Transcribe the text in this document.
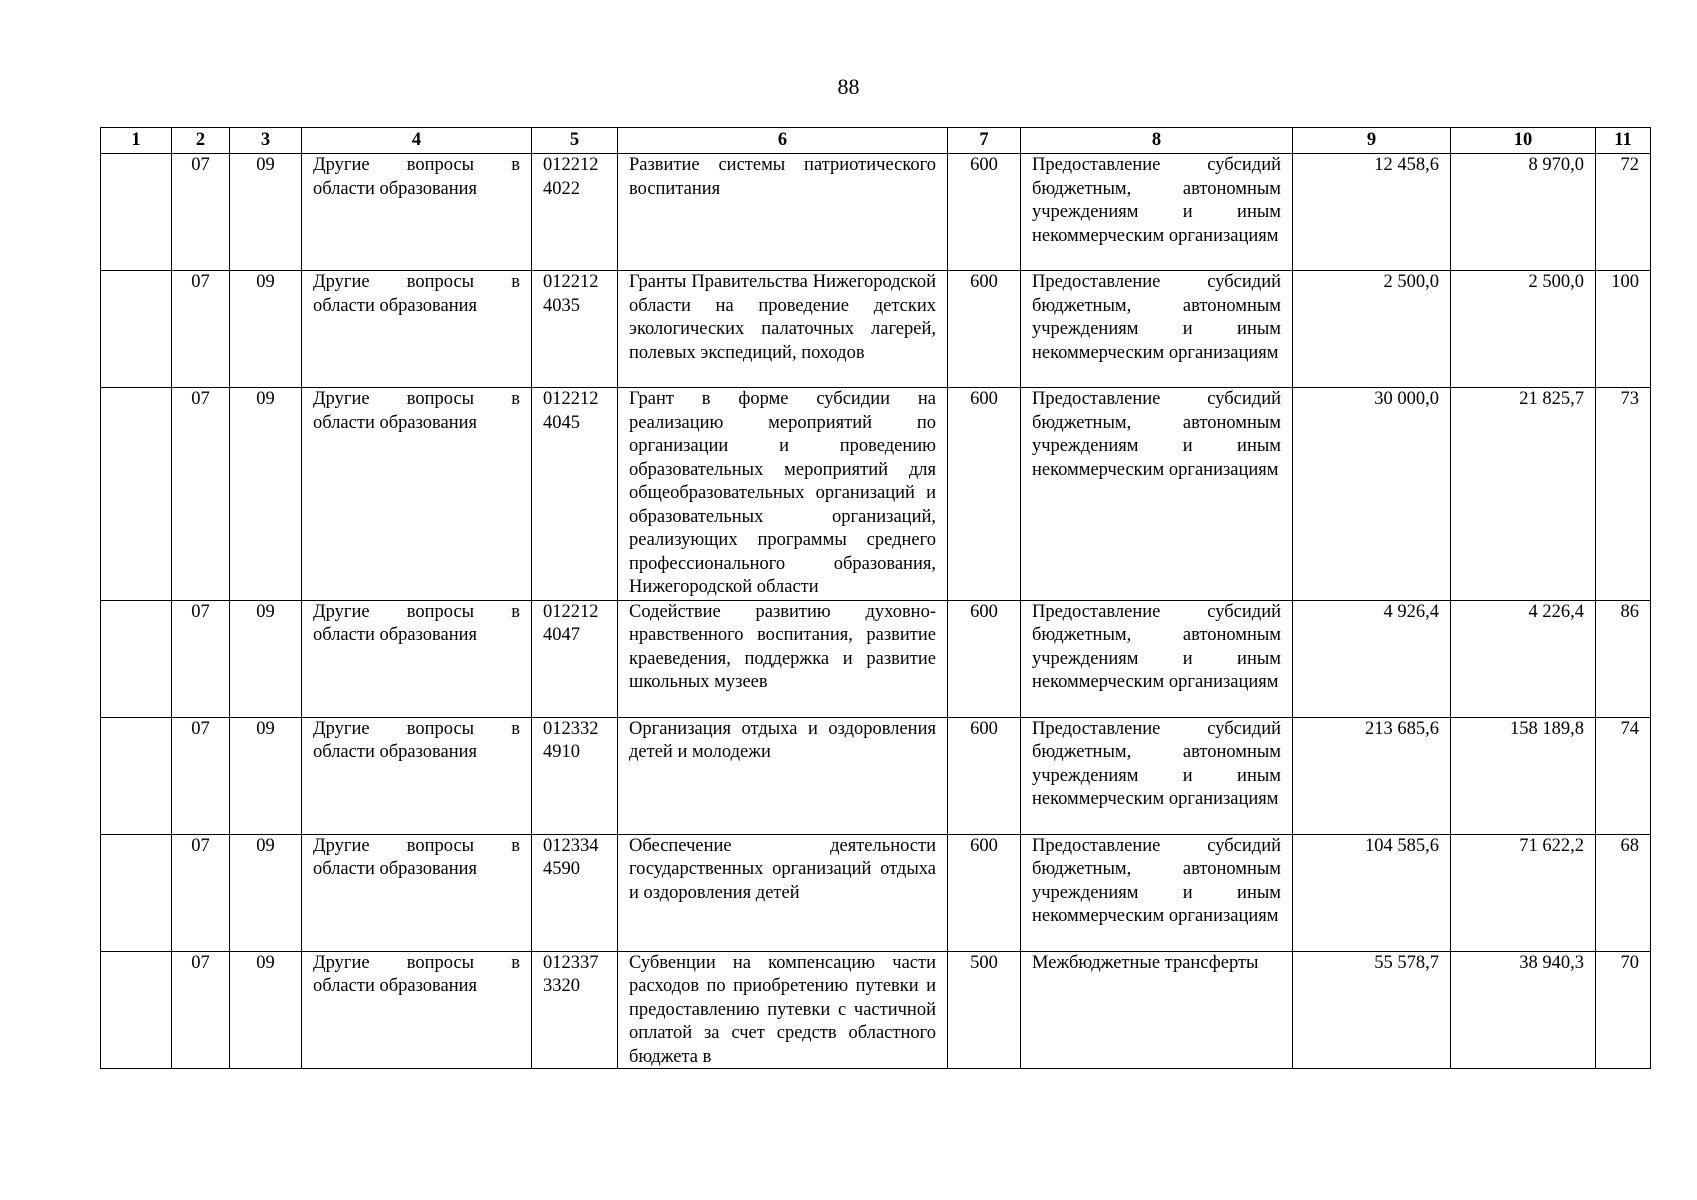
88
1	2	3	4	5	6	7	8	9	10	11
	07	09	Другие вопросы в области образования	0122124022	Развитие системы патриотического воспитания	600	Предоставление субсидий бюджетным, автономным учреждениям и иным некоммерческим организациям	12 458,6	8 970,0	72
	07	09	Другие вопросы в области образования	0122124035	Гранты Правительства Нижегородской области на проведение детских экологических палаточных лагерей, полевых экспедиций, походов	600	Предоставление субсидий бюджетным, автономным учреждениям и иным некоммерческим организациям	2 500,0	2 500,0	100
	07	09	Другие вопросы в области образования	0122124045	Грант в форме субсидии на реализацию мероприятий по организации и проведению образовательных мероприятий для общеобразовательных организаций и образовательных организаций, реализующих программы среднего профессионального образования, Нижегородской области	600	Предоставление субсидий бюджетным, автономным учреждениям и иным некоммерческим организациям	30 000,0	21 825,7	73
	07	09	Другие вопросы в области образования	0122124047	Содействие развитию духовно-нравственного воспитания, развитие краеведения, поддержка и развитие школьных музеев	600	Предоставление субсидий бюджетным, автономным учреждениям и иным некоммерческим организациям	4 926,4	4 226,4	86
	07	09	Другие вопросы в области образования	0123324910	Организация отдыха и оздоровления детей и молодежи	600	Предоставление субсидий бюджетным, автономным учреждениям и иным некоммерческим организациям	213 685,6	158 189,8	74
	07	09	Другие вопросы в области образования	0123344590	Обеспечение деятельности государственных организаций отдыха и оздоровления детей	600	Предоставление субсидий бюджетным, автономным учреждениям и иным некоммерческим организациям	104 585,6	71 622,2	68
	07	09	Другие вопросы в области образования	0123373320	Субвенции на компенсацию части расходов по приобретению путевки и предоставлению путевки с частичной оплатой за счет средств областного бюджета в	500	Межбюджетные трансферты	55 578,7	38 940,3	70
